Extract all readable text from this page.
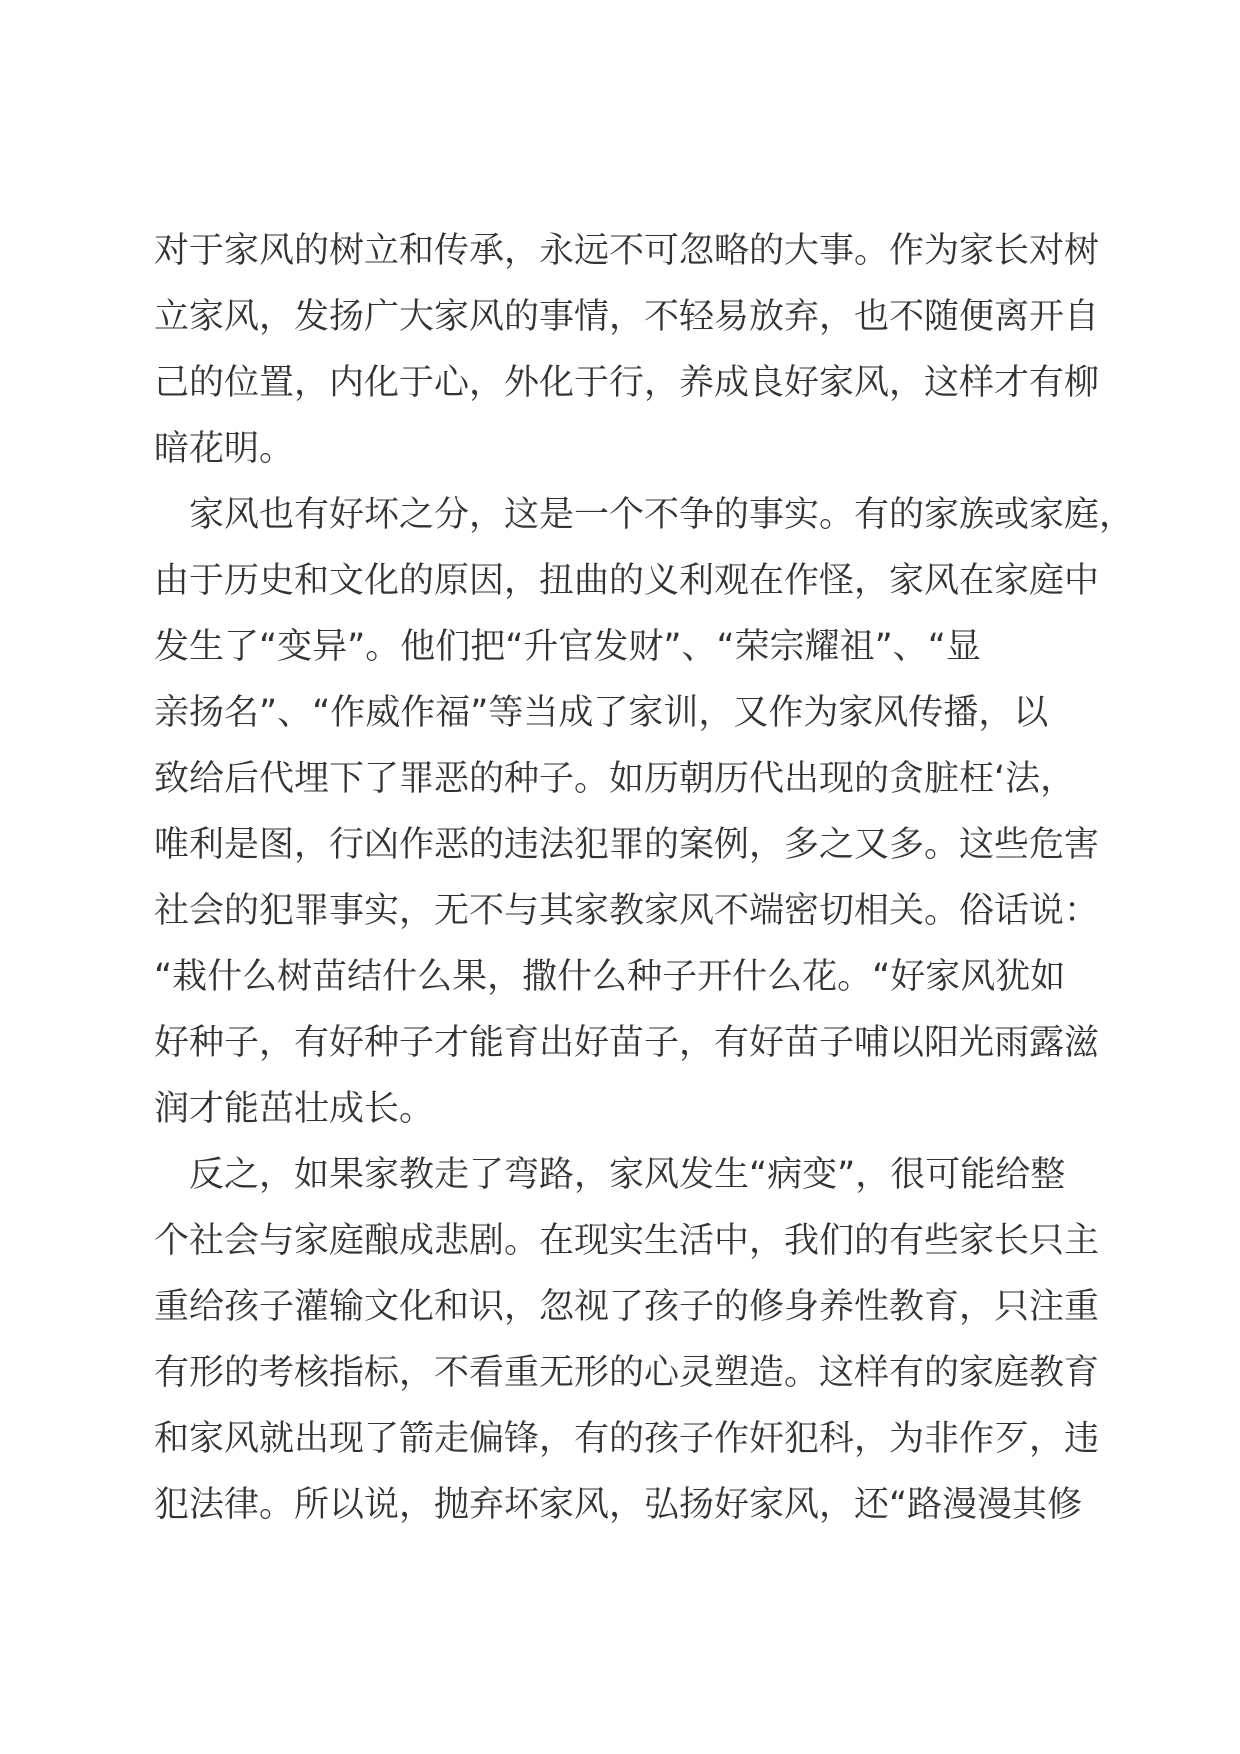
对于家风的树立和传承，永远不可忽略的大事。作为家长对树
立家风，发扬广大家风的事情，不轻易放弃，也不随便离开自
己的位置，内化于心，外化于行，养成良好家风，这样才有柳
暗花明。
　家风也有好坏之分，这是一个不争的事实。有的家族或家庭，
由于历史和文化的原因，扭曲的义利观在作怪，家风在家庭中
发生了“变异”。他们把“升官发财”、“荣宗耀祖”、“显
亲扬名”、“作威作福”等当成了家训，又作为家风传播，以
致给后代埋下了罪恶的种子。如历朝历代出现的贪脏枉‘法，
唯利是图，行凶作恶的违法犯罪的案例，多之又多。这些危害
社会的犯罪事实，无不与其家教家风不端密切相关。俗话说：
“栽什么树苗结什么果，撒什么种子开什么花。“好家风犹如
好种子，有好种子才能育出好苗子，有好苗子哺以阳光雨露滋
润才能茁壮成长。
　反之，如果家教走了弯路，家风发生“病变”，很可能给整
个社会与家庭酿成悲剧。在现实生活中，我们的有些家长只主
重给孩子灌输文化和识，忽视了孩子的修身养性教育，只注重
有形的考核指标，不看重无形的心灵塑造。这样有的家庭教育
和家风就出现了箭走偏锋，有的孩子作奸犯科，为非作歹，违
犯法律。所以说，抛弃坏家风，弘扬好家风，还“路漫漫其修
